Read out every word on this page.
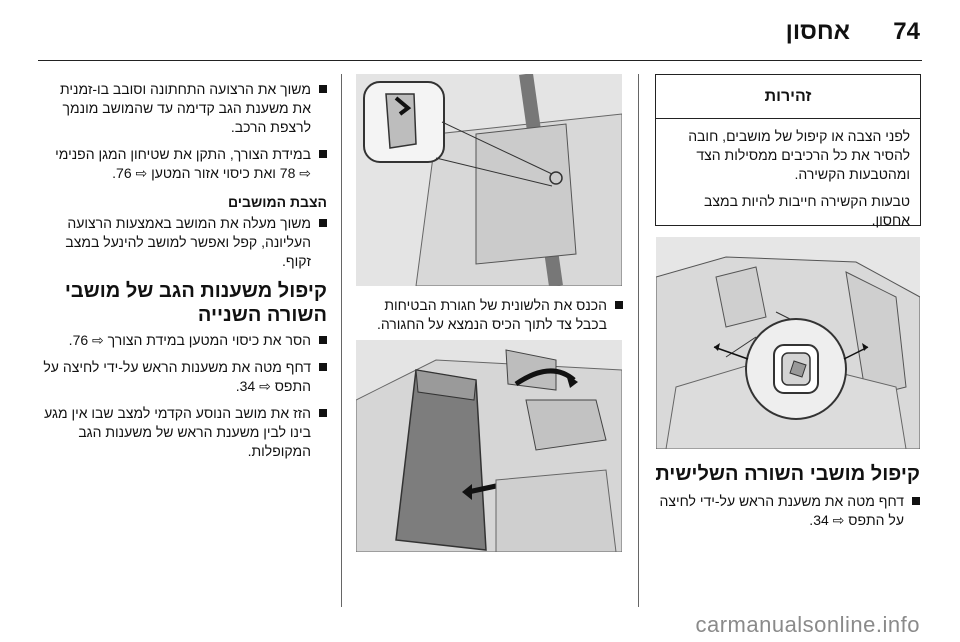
74
אחסון
זהירות

לפני הצבה או קיפול של מושבים, חובה להסיר את כל הרכיבים ממסילות הצד ומהטבעות הקשירה.

טבעות הקשירה חייבות להיות במצב אחסון.

קיפול מושבי השורה השלישית
דחף מטה את משענת הראש על-ידי לחיצה על התפס ⇨ 34.
הכנס את הלשונית של חגורת הבטיחות בכבל צד לתוך הכיס הנמצא על החגורה.
משוך את הרצועה התחתונה וסובב בו-זמנית את משענת הגב קדימה עד שהמושב מונמך לרצפת הרכב.
במידת הצורך, התקן את שטיחון המגן הפנימי ⇨ 78 ואת כיסוי אזור המטען ⇨ 76.
הצבת המושבים
משוך מעלה את המושב באמצעות הרצועה העליונה, קפל ואפשר למושב להינעל במצב זקוף.
קיפול משענות הגב של מושבי השורה השנייה
הסר את כיסוי המטען במידת הצורך ⇨ 76.
דחף מטה את משענות הראש על-ידי לחיצה על התפס ⇨ 34.
הזז את מושב הנוסע הקדמי למצב שבו אין מגע בינו לבין משענת הראש של משענות הגב המקופלות.
carmanualsonline.info
